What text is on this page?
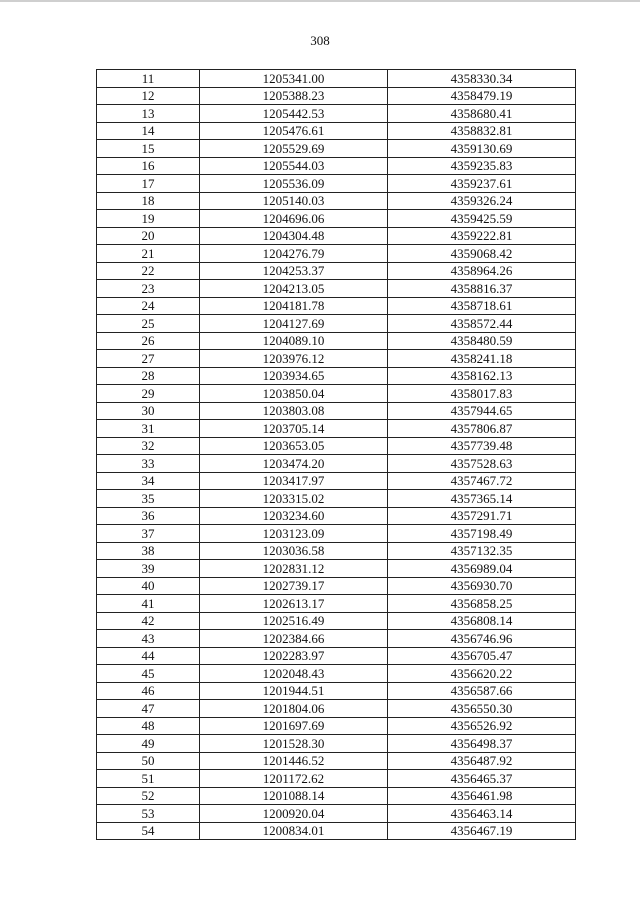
308
11	1205341.00	4358330.34
12	1205388.23	4358479.19
13	1205442.53	4358680.41
14	1205476.61	4358832.81
15	1205529.69	4359130.69
16	1205544.03	4359235.83
17	1205536.09	4359237.61
18	1205140.03	4359326.24
19	1204696.06	4359425.59
20	1204304.48	4359222.81
21	1204276.79	4359068.42
22	1204253.37	4358964.26
23	1204213.05	4358816.37
24	1204181.78	4358718.61
25	1204127.69	4358572.44
26	1204089.10	4358480.59
27	1203976.12	4358241.18
28	1203934.65	4358162.13
29	1203850.04	4358017.83
30	1203803.08	4357944.65
31	1203705.14	4357806.87
32	1203653.05	4357739.48
33	1203474.20	4357528.63
34	1203417.97	4357467.72
35	1203315.02	4357365.14
36	1203234.60	4357291.71
37	1203123.09	4357198.49
38	1203036.58	4357132.35
39	1202831.12	4356989.04
40	1202739.17	4356930.70
41	1202613.17	4356858.25
42	1202516.49	4356808.14
43	1202384.66	4356746.96
44	1202283.97	4356705.47
45	1202048.43	4356620.22
46	1201944.51	4356587.66
47	1201804.06	4356550.30
48	1201697.69	4356526.92
49	1201528.30	4356498.37
50	1201446.52	4356487.92
51	1201172.62	4356465.37
52	1201088.14	4356461.98
53	1200920.04	4356463.14
54	1200834.01	4356467.19
